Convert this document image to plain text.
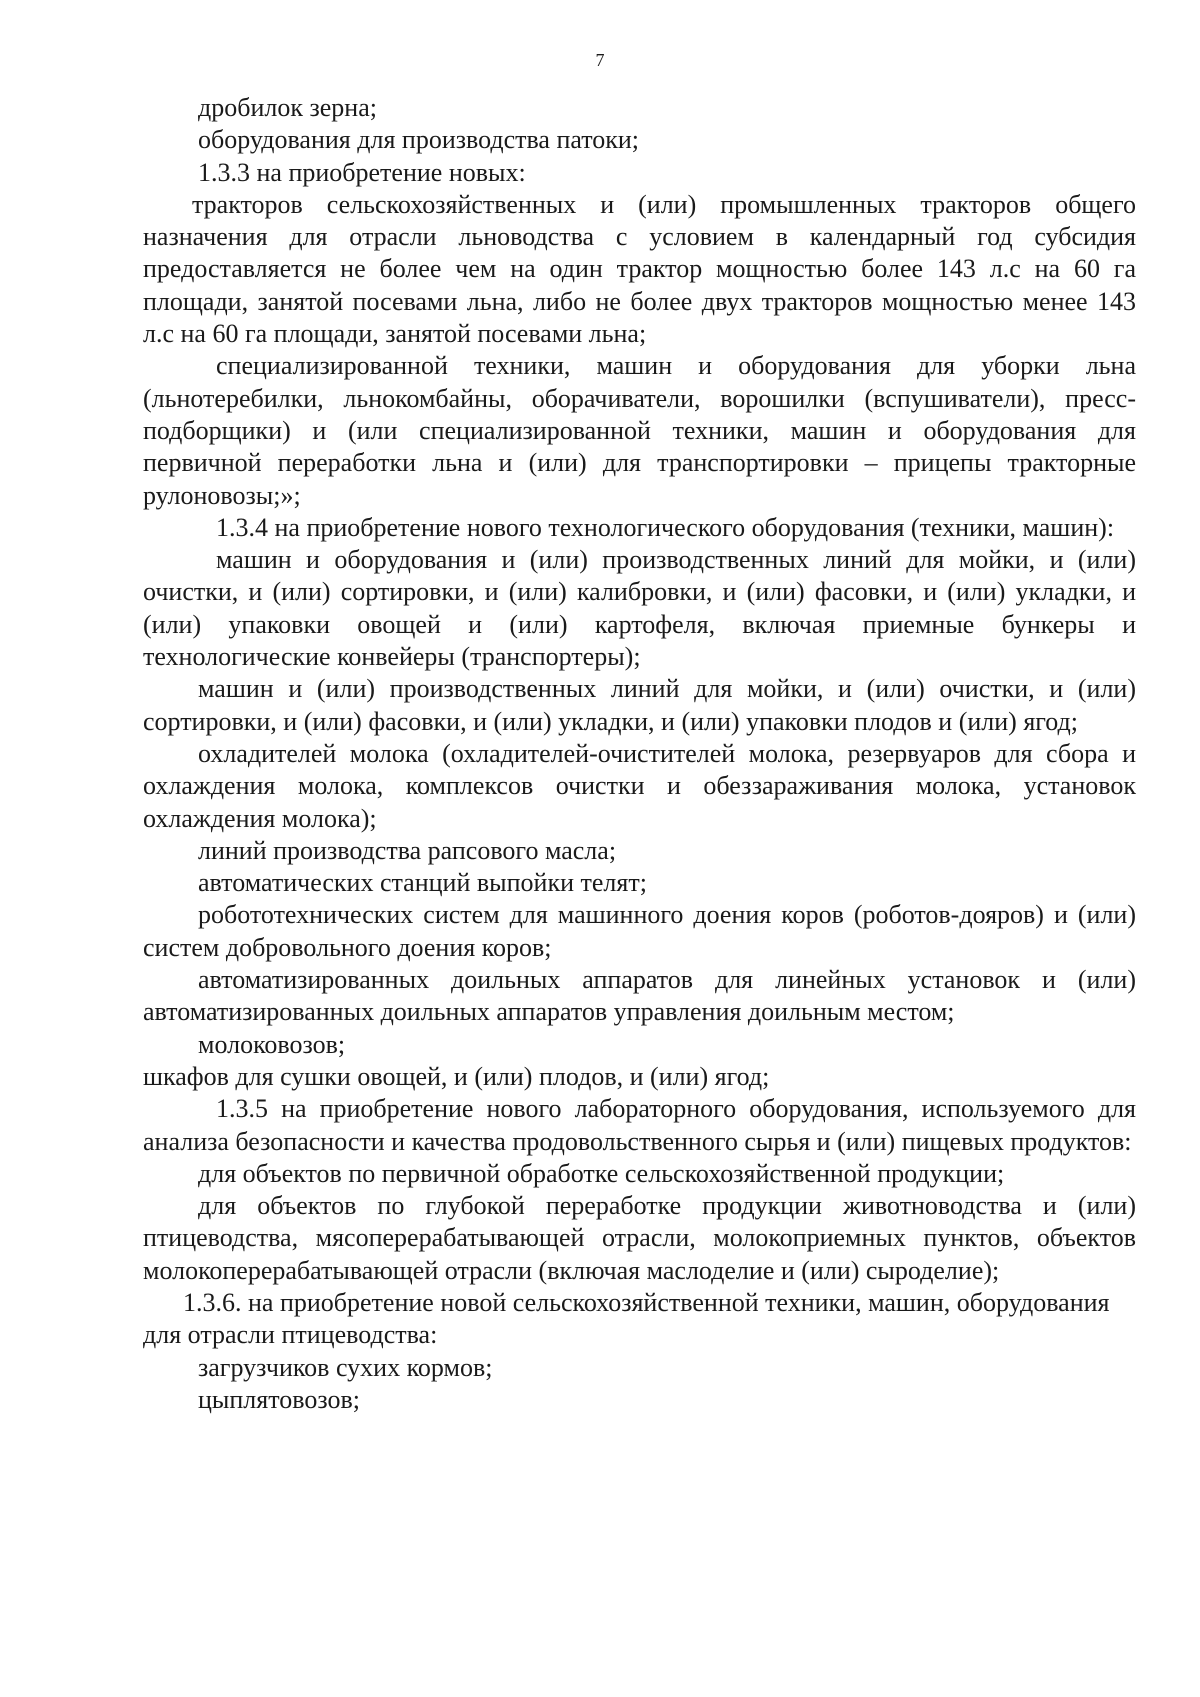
7

дробилок зерна;

оборудования для производства патоки;

1.3.3 на приобретение новых:

тракторов сельскохозяйственных и (или) промышленных тракторов общего назначения для отрасли льноводства с условием в календарный год субсидия предоставляется не более чем на один трактор мощностью более 143 л.с на 60 га площади, занятой посевами льна, либо не более двух тракторов мощностью менее 143 л.с на 60 га площади, занятой посевами льна;

специализированной техники, машин и оборудования для уборки льна (льнотеребилки, льнокомбайны, оборачиватели, ворошилки (вспушиватели), пресс-подборщики) и (или специализированной техники, машин и оборудования для первичной переработки льна и (или) для транспортировки – прицепы тракторные рулоновозы;»;

1.3.4 на приобретение нового технологического оборудования (техники, машин):

машин и оборудования и (или) производственных линий для мойки, и (или) очистки, и (или) сортировки, и (или) калибровки, и (или) фасовки, и (или) укладки, и (или) упаковки овощей и (или) картофеля, включая приемные бункеры и технологические конвейеры (транспортеры);

машин и (или) производственных линий для мойки, и (или) очистки, и (или) сортировки, и (или) фасовки, и (или) укладки, и (или) упаковки плодов и (или) ягод;

охладителей молока (охладителей-очистителей молока, резервуаров для сбора и охлаждения молока, комплексов очистки и обеззараживания молока, установок охлаждения молока);

линий производства рапсового масла;

автоматических станций выпойки телят;

робототехнических систем для машинного доения коров (роботов-дояров) и (или) систем добровольного доения коров;

автоматизированных доильных аппаратов для линейных установок и (или) автоматизированных доильных аппаратов управления доильным местом;

молоковозов;

шкафов для сушки овощей, и (или) плодов, и (или) ягод;

1.3.5 на приобретение нового лабораторного оборудования, используемого для анализа безопасности и качества продовольственного сырья и (или) пищевых продуктов:

для объектов по первичной обработке сельскохозяйственной продукции;

для объектов по глубокой переработке продукции животноводства и (или) птицеводства, мясоперерабатывающей отрасли, молокоприемных пунктов, объектов молокоперерабатывающей отрасли (включая маслоделие и (или) сыроделие);

1.3.6. на приобретение новой сельскохозяйственной техники, машин, оборудования для отрасли птицеводства:

загрузчиков сухих кормов;

цыплятовозов;
